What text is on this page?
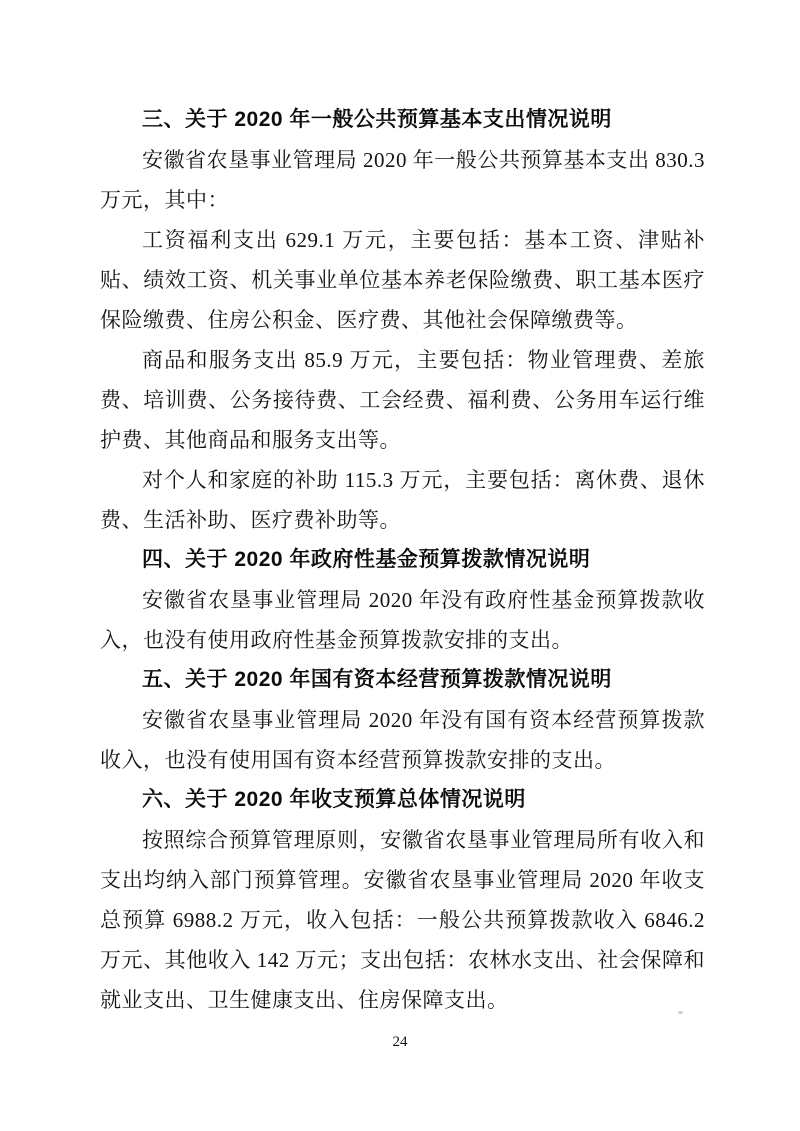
三、关于 2020 年一般公共预算基本支出情况说明
安徽省农垦事业管理局 2020 年一般公共预算基本支出 830.3 万元，其中：
工资福利支出 629.1 万元，主要包括：基本工资、津贴补贴、绩效工资、机关事业单位基本养老保险缴费、职工基本医疗保险缴费、住房公积金、医疗费、其他社会保障缴费等。
商品和服务支出 85.9 万元，主要包括：物业管理费、差旅费、培训费、公务接待费、工会经费、福利费、公务用车运行维护费、其他商品和服务支出等。
对个人和家庭的补助 115.3 万元，主要包括：离休费、退休费、生活补助、医疗费补助等。
四、关于 2020 年政府性基金预算拨款情况说明
安徽省农垦事业管理局 2020 年没有政府性基金预算拨款收入，也没有使用政府性基金预算拨款安排的支出。
五、关于 2020 年国有资本经营预算拨款情况说明
安徽省农垦事业管理局 2020 年没有国有资本经营预算拨款收入，也没有使用国有资本经营预算拨款安排的支出。
六、关于 2020 年收支预算总体情况说明
按照综合预算管理原则，安徽省农垦事业管理局所有收入和支出均纳入部门预算管理。安徽省农垦事业管理局 2020 年收支总预算 6988.2 万元，收入包括：一般公共预算拨款收入 6846.2 万元、其他收入 142 万元；支出包括：农林水支出、社会保障和就业支出、卫生健康支出、住房保障支出。
24
